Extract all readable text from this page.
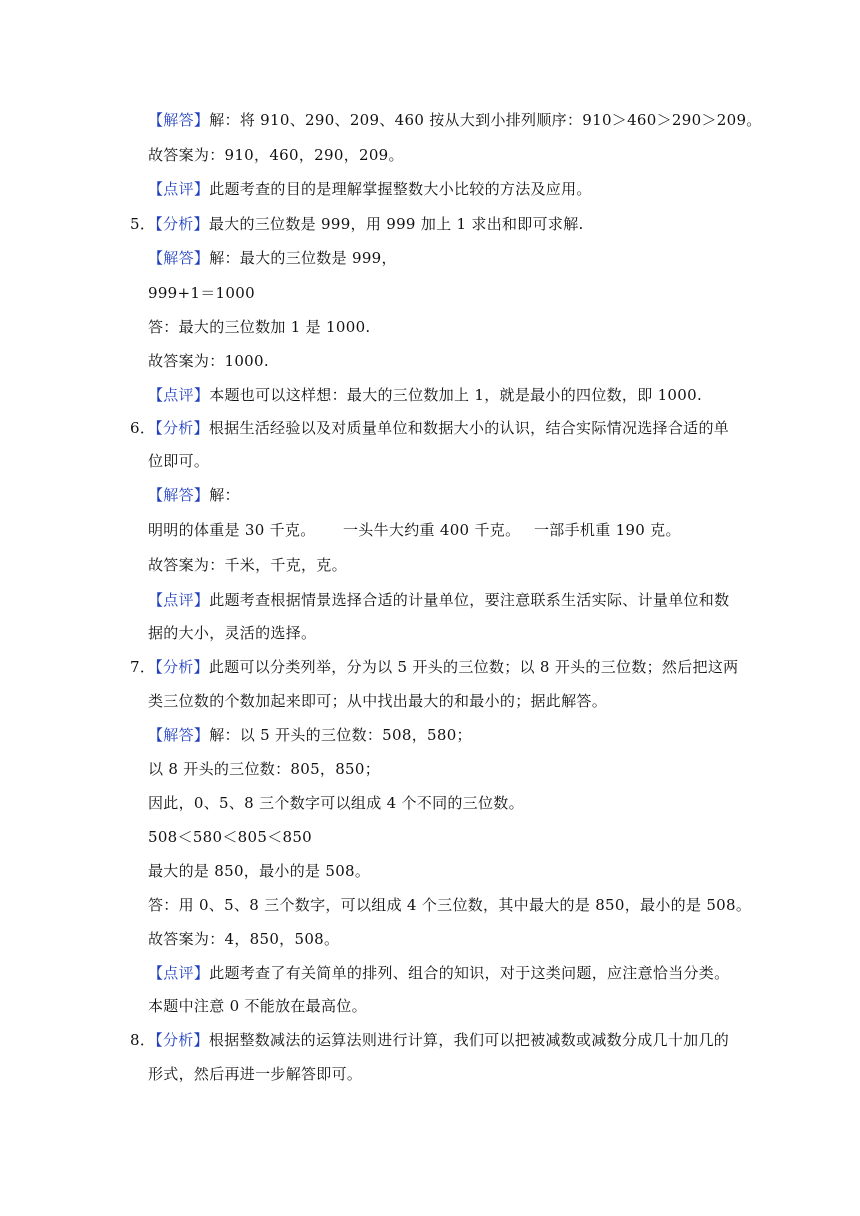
【解答】解：将 910、290、209、460 按从大到小排列顺序：910＞460＞290＞209。
故答案为：910，460，290，209。
【点评】此题考查的目的是理解掌握整数大小比较的方法及应用。
5．【分析】最大的三位数是 999，用 999 加上 1 求出和即可求解.
【解答】解：最大的三位数是 999，
999+1＝1000
答：最大的三位数加 1 是 1000.
故答案为：1000.
【点评】本题也可以这样想：最大的三位数加上 1，就是最小的四位数，即 1000.
6．【分析】根据生活经验以及对质量单位和数据大小的认识，结合实际情况选择合适的单
位即可。
【解答】解：
明明的体重是 30 千克。 一头牛大约重 400 千克。 一部手机重 190 克。
故答案为：千米，千克，克。
【点评】此题考查根据情景选择合适的计量单位，要注意联系生活实际、计量单位和数
据的大小，灵活的选择。
7．【分析】此题可以分类列举，分为以 5 开头的三位数；以 8 开头的三位数；然后把这两
类三位数的个数加起来即可；从中找出最大的和最小的；据此解答。
【解答】解：以 5 开头的三位数：508，580；
以 8 开头的三位数：805，850；
因此，0、5、8 三个数字可以组成 4 个不同的三位数。
508＜580＜805＜850
最大的是 850，最小的是 508。
答：用 0、5、8 三个数字，可以组成 4 个三位数，其中最大的是 850，最小的是 508。
故答案为：4，850，508。
【点评】此题考查了有关简单的排列、组合的知识，对于这类问题，应注意恰当分类。
本题中注意 0 不能放在最高位。
8．【分析】根据整数减法的运算法则进行计算，我们可以把被减数或减数分成几十加几的
形式，然后再进一步解答即可。
